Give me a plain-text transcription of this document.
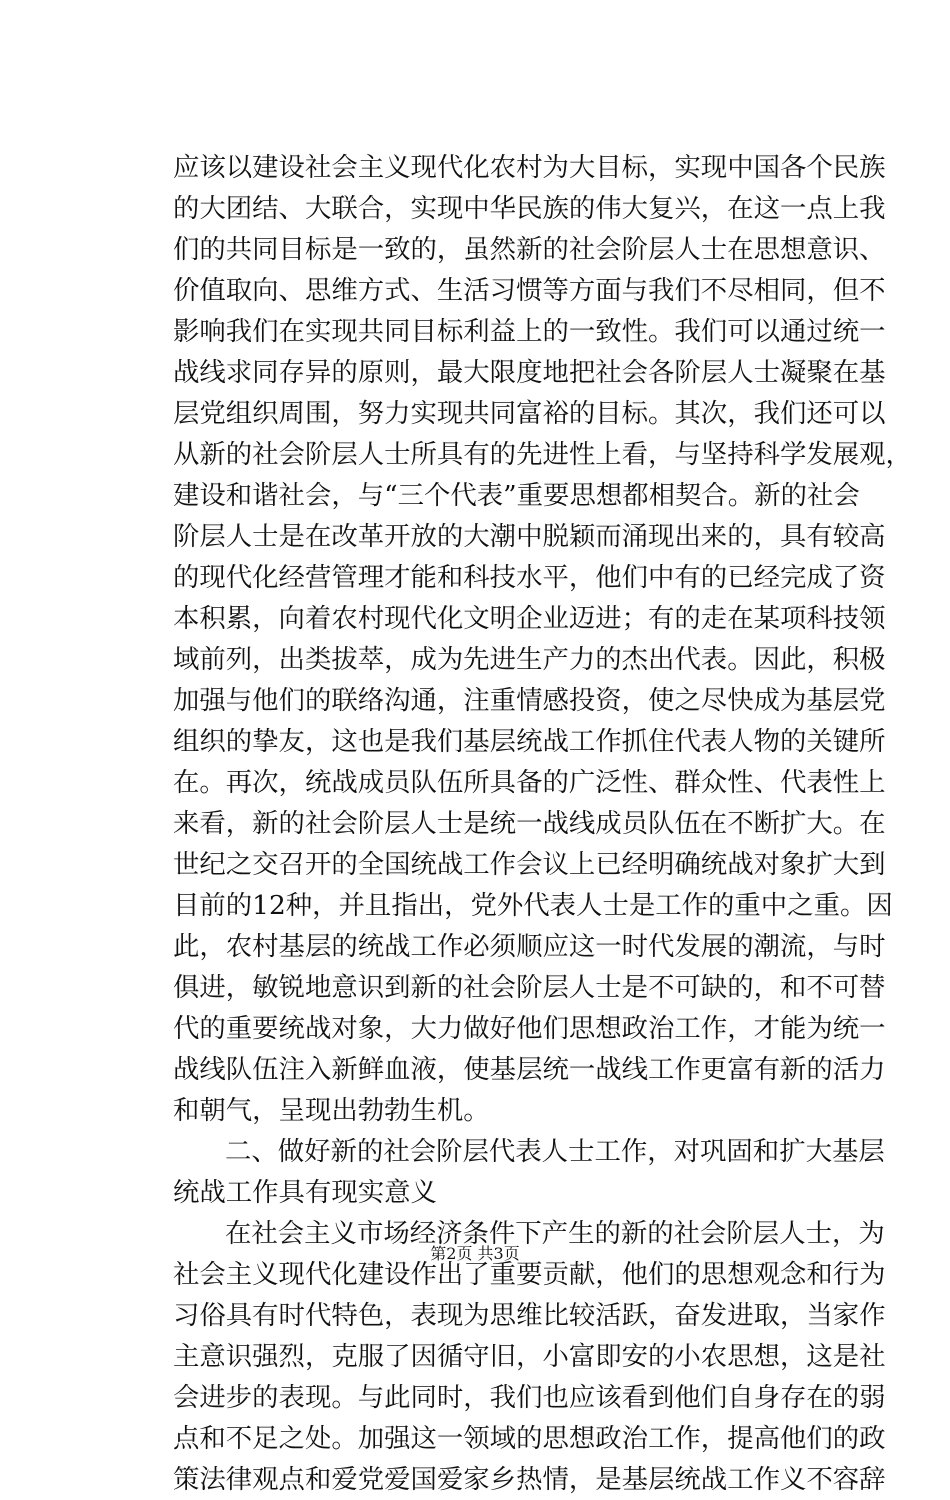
应该以建设社会主义现代化农村为大目标，实现中国各个民族
的大团结、大联合，实现中华民族的伟大复兴，在这一点上我
们的共同目标是一致的，虽然新的社会阶层人士在思想意识、
价值取向、思维方式、生活习惯等方面与我们不尽相同，但不
影响我们在实现共同目标利益上的一致性。我们可以通过统一
战线求同存异的原则，最大限度地把社会各阶层人士凝聚在基
层党组织周围，努力实现共同富裕的目标。其次，我们还可以
从新的社会阶层人士所具有的先进性上看，与坚持科学发展观，
建设和谐社会，与“三个代表”重要思想都相契合。新的社会
阶层人士是在改革开放的大潮中脱颖而涌现出来的，具有较高
的现代化经营管理才能和科技水平，他们中有的已经完成了资
本积累，向着农村现代化文明企业迈进；有的走在某项科技领
域前列，出类拔萃，成为先进生产力的杰出代表。因此，积极
加强与他们的联络沟通，注重情感投资，使之尽快成为基层党
组织的挚友，这也是我们基层统战工作抓住代表人物的关键所
在。再次，统战成员队伍所具备的广泛性、群众性、代表性上
来看，新的社会阶层人士是统一战线成员队伍在不断扩大。在
世纪之交召开的全国统战工作会议上已经明确统战对象扩大到
目前的12种，并且指出，党外代表人士是工作的重中之重。因
此，农村基层的统战工作必须顺应这一时代发展的潮流，与时
俱进，敏锐地意识到新的社会阶层人士是不可缺的，和不可替
代的重要统战对象，大力做好他们思想政治工作，才能为统一
战线队伍注入新鲜血液，使基层统一战线工作更富有新的活力
和朝气，呈现出勃勃生机。
二、做好新的社会阶层代表人士工作，对巩固和扩大基层
统战工作具有现实意义
在社会主义市场经济条件下产生的新的社会阶层人士，为
社会主义现代化建设作出了重要贡献，他们的思想观念和行为
习俗具有时代特色，表现为思维比较活跃，奋发进取，当家作
主意识强烈，克服了因循守旧，小富即安的小农思想，这是社
会进步的表现。与此同时，我们也应该看到他们自身存在的弱
点和不足之处。加强这一领域的思想政治工作，提高他们的政
策法律观点和爱党爱国爱家乡热情，是基层统战工作义不容辞
第2页 共3页
